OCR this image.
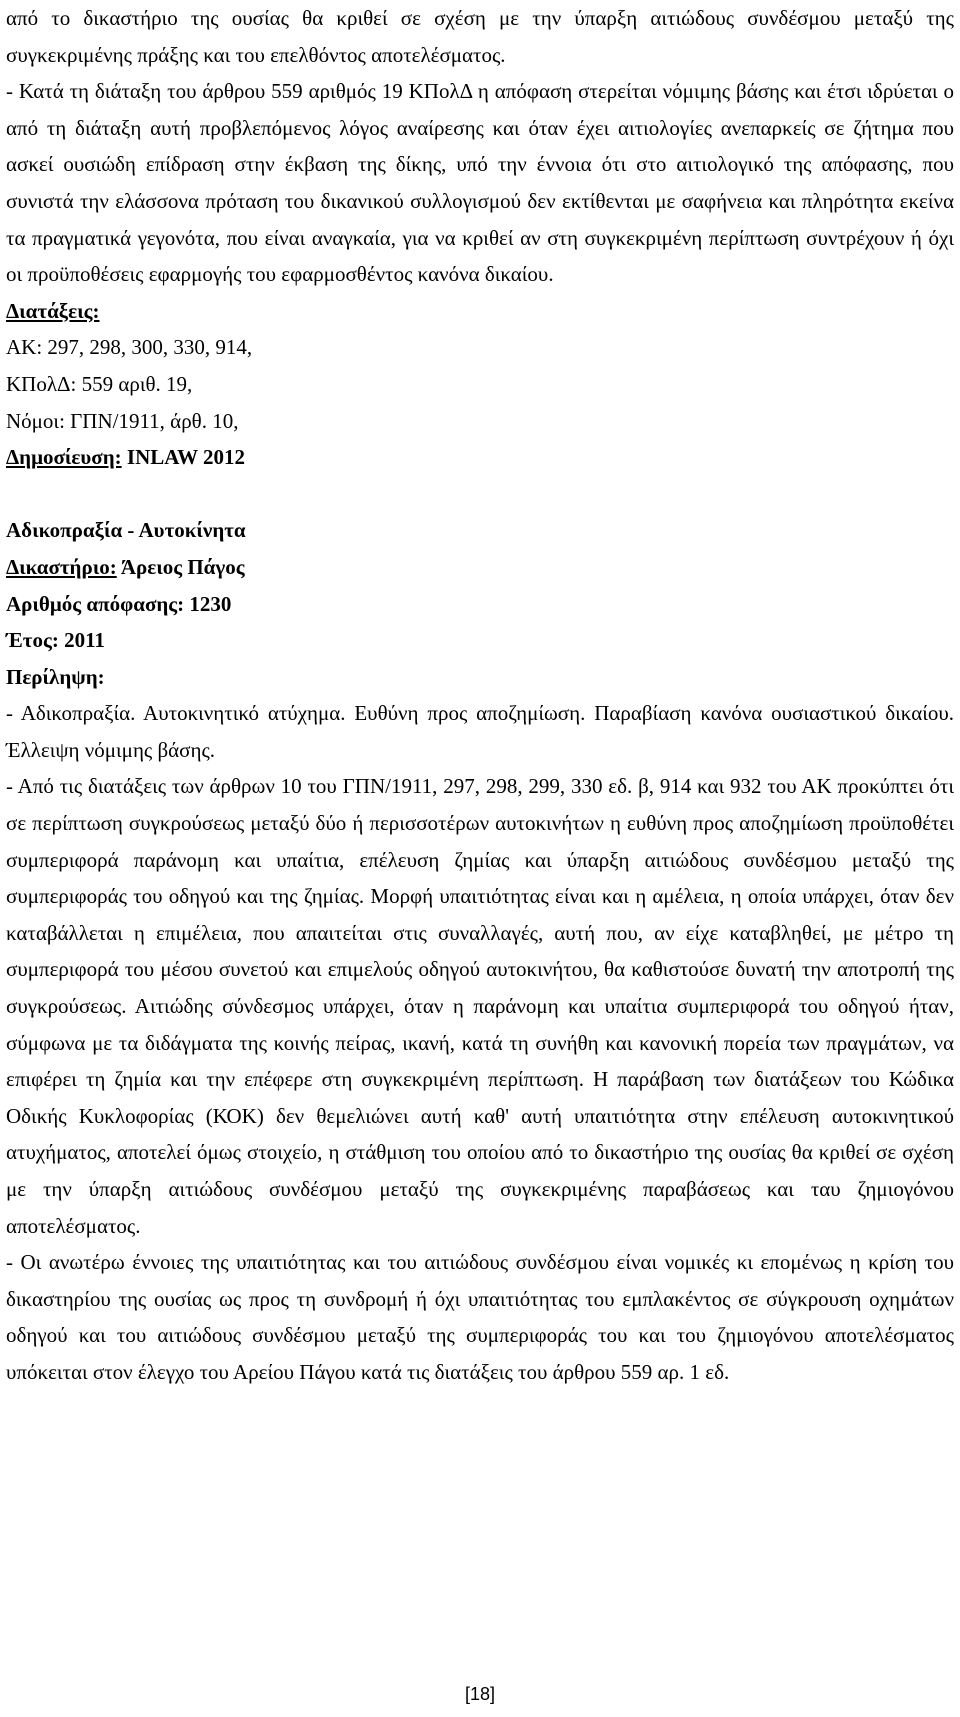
από το δικαστήριο της ουσίας θα κριθεί σε σχέση με την ύπαρξη αιτιώδους συνδέσμου μεταξύ της συγκεκριμένης πράξης και του επελθόντος αποτελέσματος.

- Κατά τη διάταξη του άρθρου 559 αριθμός 19 ΚΠολΔ η απόφαση στερείται νόμιμης βάσης και έτσι ιδρύεται ο από τη διάταξη αυτή προβλεπόμενος λόγος αναίρεσης και όταν έχει αιτιολογίες ανεπαρκείς σε ζήτημα που ασκεί ουσιώδη επίδραση στην έκβαση της δίκης, υπό την έννοια ότι στο αιτιολογικό της απόφασης, που συνιστά την ελάσσονα πρόταση του δικανικού συλλογισμού δεν εκτίθενται με σαφήνεια και πληρότητα εκείνα τα πραγματικά γεγονότα, που είναι αναγκαία, για να κριθεί αν στη συγκεκριμένη περίπτωση συντρέχουν ή όχι οι προϋποθέσεις εφαρμογής του εφαρμοσθέντος κανόνα δικαίου.

Διατάξεις:

ΑΚ: 297, 298, 300, 330, 914,

ΚΠολΔ: 559 αριθ. 19,

Νόμοι: ΓΠΝ/1911, άρθ. 10,

Δημοσίευση: INLAW 2012

Αδικοπραξία - Αυτοκίνητα

Δικαστήριο: Άρειος Πάγος

Αριθμός απόφασης: 1230

Έτος: 2011

Περίληψη:

- Αδικοπραξία. Αυτοκινητικό ατύχημα. Ευθύνη προς αποζημίωση. Παραβίαση κανόνα ουσιαστικού δικαίου. Έλλειψη νόμιμης βάσης.

- Από τις διατάξεις των άρθρων 10 του ΓΠΝ/1911, 297, 298, 299, 330 εδ. β, 914 και 932 του ΑΚ προκύπτει ότι σε περίπτωση συγκρούσεως μεταξύ δύο ή περισσοτέρων αυτοκινήτων η ευθύνη προς αποζημίωση προϋποθέτει συμπεριφορά παράνομη και υπαίτια, επέλευση ζημίας και ύπαρξη αιτιώδους συνδέσμου μεταξύ της συμπεριφοράς του οδηγού και της ζημίας. Μορφή υπαιτιότητας είναι και η αμέλεια, η οποία υπάρχει, όταν δεν καταβάλλεται η επιμέλεια, που απαιτείται στις συναλλαγές, αυτή που, αν είχε καταβληθεί, με μέτρο τη συμπεριφορά του μέσου συνετού και επιμελούς οδηγού αυτοκινήτου, θα καθιστούσε δυνατή την αποτροπή της συγκρούσεως. Αιτιώδης σύνδεσμος υπάρχει, όταν η παράνομη και υπαίτια συμπεριφορά του οδηγού ήταν, σύμφωνα με τα διδάγματα της κοινής πείρας, ικανή, κατά τη συνήθη και κανονική πορεία των πραγμάτων, να επιφέρει τη ζημία και την επέφερε στη συγκεκριμένη περίπτωση. Η παράβαση των διατάξεων του Κώδικα Οδικής Κυκλοφορίας (ΚΟΚ) δεν θεμελιώνει αυτή καθ' αυτή υπαιτιότητα στην επέλευση αυτοκινητικού ατυχήματος, αποτελεί όμως στοιχείο, η στάθμιση του οποίου από το δικαστήριο της ουσίας θα κριθεί σε σχέση με την ύπαρξη αιτιώδους συνδέσμου μεταξύ της συγκεκριμένης παραβάσεως και ταυ ζημιογόνου αποτελέσματος.

- Οι ανωτέρω έννοιες της υπαιτιότητας και του αιτιώδους συνδέσμου είναι νομικές κι επομένως η κρίση του δικαστηρίου της ουσίας ως προς τη συνδρομή ή όχι υπαιτιότητας του εμπλακέντος σε σύγκρουση οχημάτων οδηγού και του αιτιώδους συνδέσμου μεταξύ της συμπεριφοράς του και του ζημιογόνου αποτελέσματος υπόκειται στον έλεγχο του Αρείου Πάγου κατά τις διατάξεις του άρθρου 559 αρ. 1 εδ.

[18]
